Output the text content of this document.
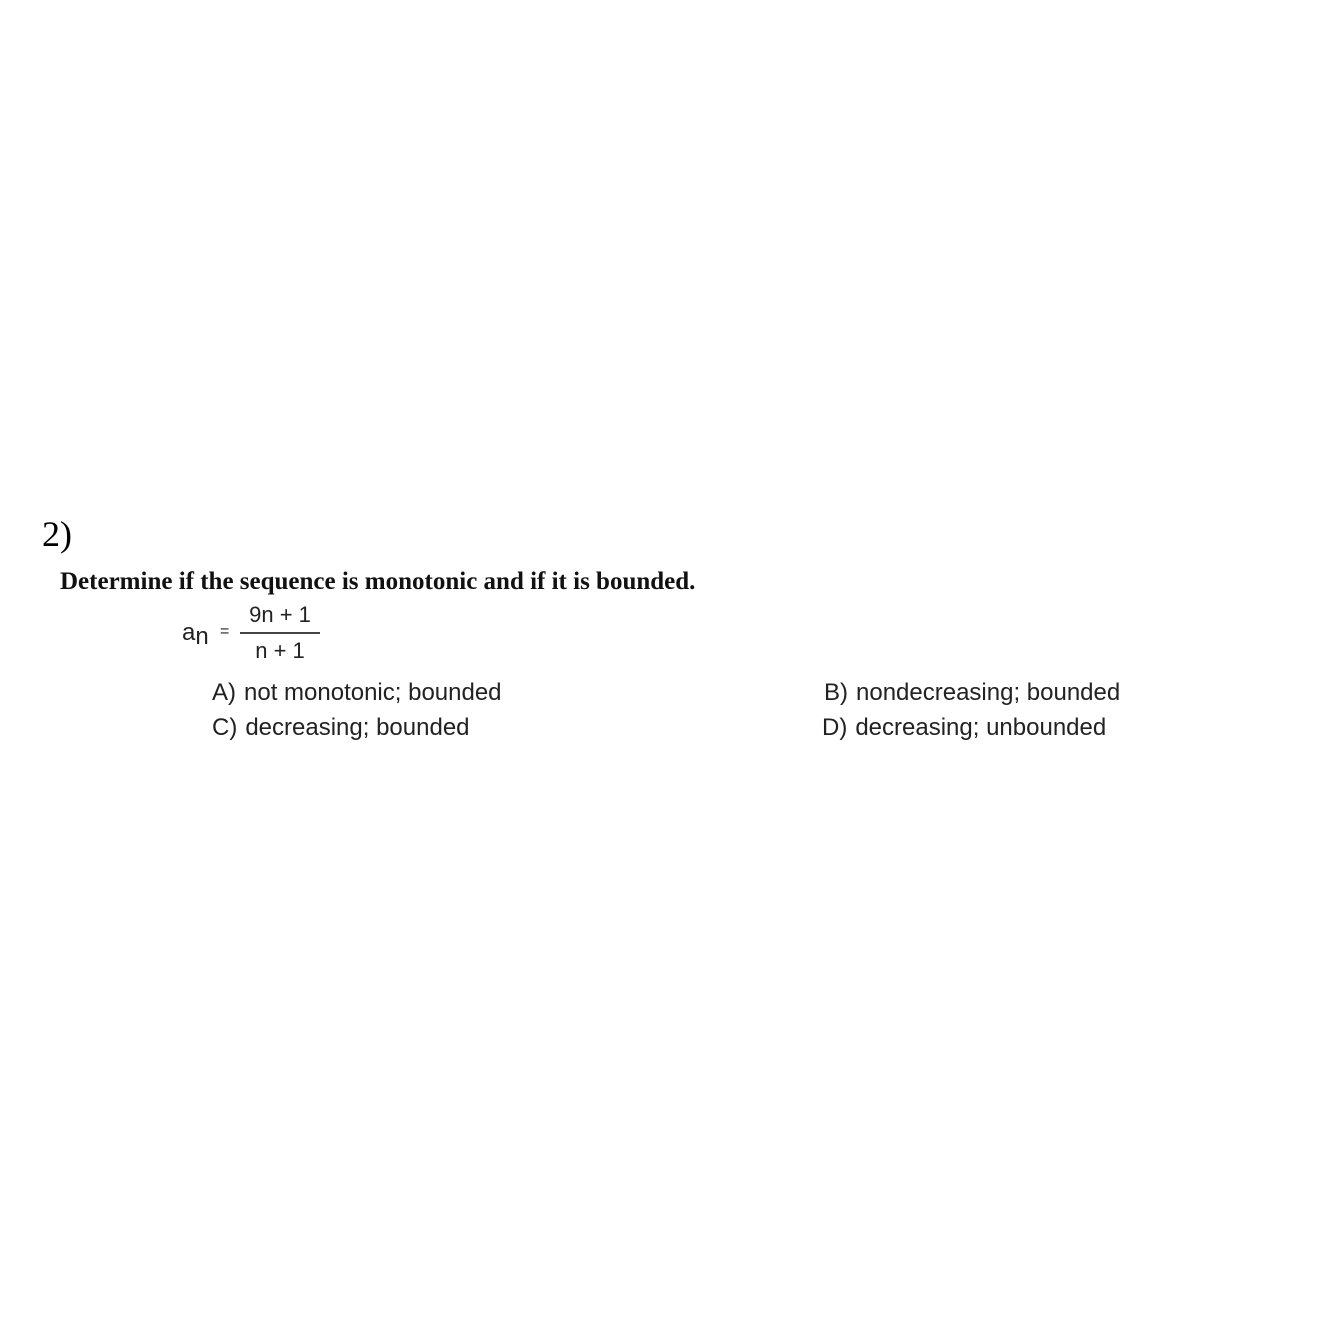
2)
Determine if the sequence is monotonic and if it is bounded.
an =
9n + 1
n + 1
A) not monotonic; bounded	B) nondecreasing; bounded
C) decreasing; bounded	D) decreasing; unbounded
